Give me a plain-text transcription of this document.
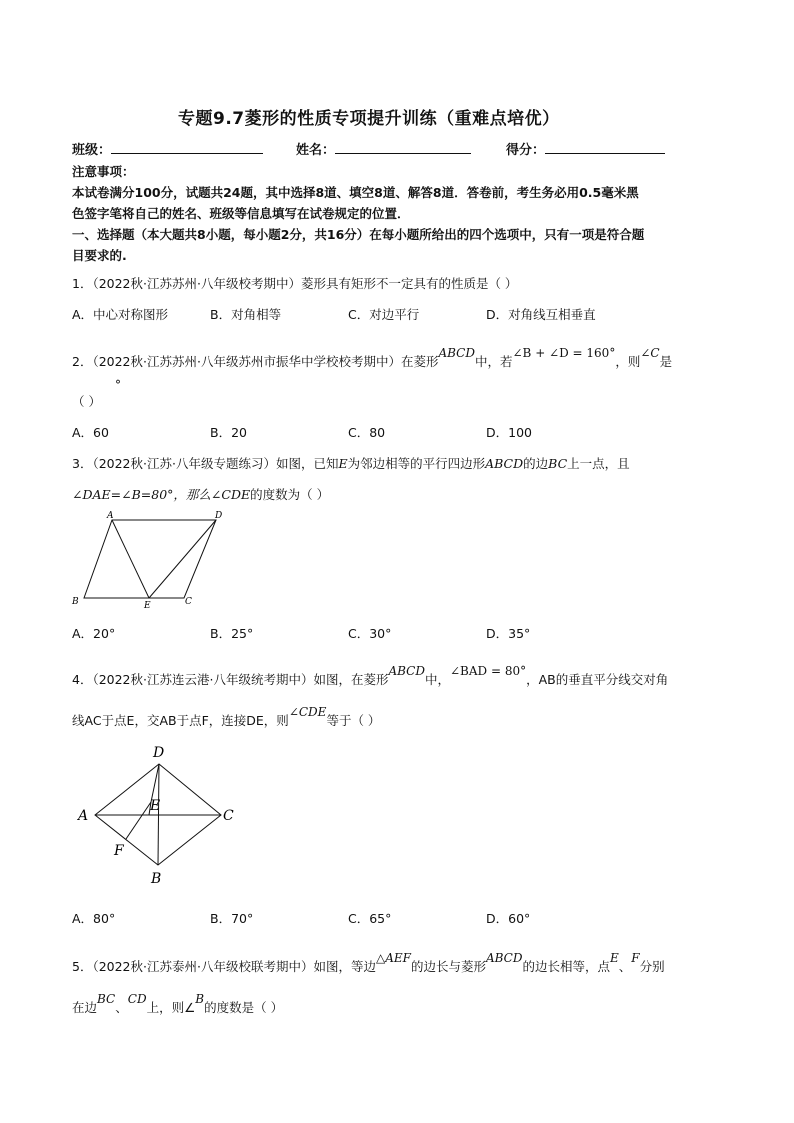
专题9.7菱形的性质专项提升训练（重难点培优）
班级：	姓名：	得分：
注意事项：
本试卷满分100分，试题共24题，其中选择8道、填空8道、解答8道．答卷前，考生务必用0.5毫米黑
色签字笔将自己的姓名、班级等信息填写在试卷规定的位置．
一、选择题（本大题共8小题，每小题2分，共16分）在每小题所给出的四个选项中，只有一项是符合题
目要求的.
1．（2022秋·江苏苏州·八年级校考期中）菱形具有矩形不一定具有的性质是（ ）
A．中心对称图形	B．对角相等	C．对边平行	D．对角线互相垂直
2．（2022秋·江苏苏州·八年级苏州市振华中学校校考期中）在菱形ABCD中，若∠B + ∠D = 160°，则∠C是
°
（ ）
A．60	B．20	C．80	D．100
3．（2022秋·江苏·八年级专题练习）如图，已知E为邻边相等的平行四边形ABCD的边BC上一点，且
∠DAE=∠B=80°，那么∠CDE的度数为（ ）
A	D
B	E	C
A．20°	B．25°	C．30°	D．35°
4．（2022秋·江苏连云港·八年级统考期中）如图，在菱形ABCD中，∠BAD = 80°，AB的垂直平分线交对角
线AC于点E，交AB于点F，连接DE，则∠CDE等于（ ）
D
A
E
C
F
B
A．80°	B．70°	C．65°	D．60°
5．（2022秋·江苏泰州·八年级校联考期中）如图，等边△AEF的边长与菱形ABCD的边长相等，点E、F分别
在边BC、CD上，则∠B的度数是（ ）
